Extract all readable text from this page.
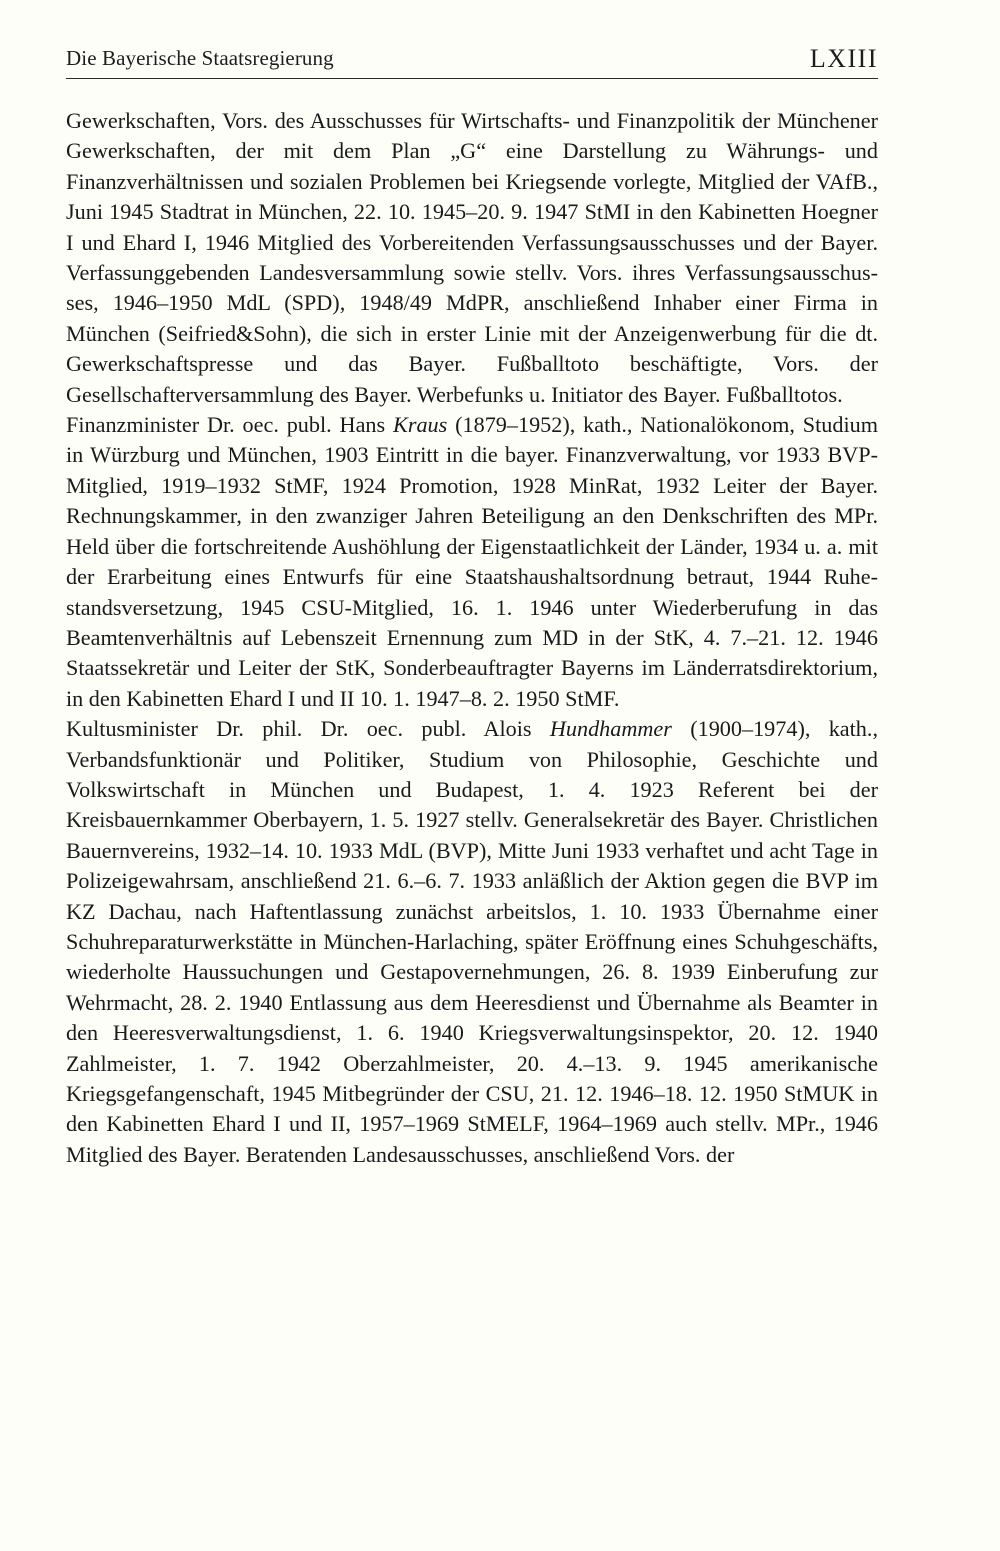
Die Bayerische Staatsregierung	LXIII

Gewerkschaften, Vors. des Ausschusses für Wirtschafts- und Finanzpolitik der Münchener Gewerkschaften, der mit dem Plan „G“ eine Darstellung zu Währungs- und Finanzverhältnissen und sozialen Problemen bei Kriegsende vorlegte, Mitglied der VAfB., Juni 1945 Stadtrat in München, 22. 10. 1945–20. 9. 1947 StMI in den Kabinetten Hoegner I und Ehard I, 1946 Mitglied des Vorbereitenden Verfassungsausschusses und der Bayer. Verfassunggebenden Landesversammlung sowie stellv. Vors. ihres Verfassungsausschusses, 1946–1950 MdL (SPD), 1948/49 MdPR, anschließend Inhaber einer Firma in München (Seifried&Sohn), die sich in erster Linie mit der Anzeigenwerbung für die dt. Gewerkschaftspresse und das Bayer. Fußballtoto beschäftigte, Vors. der Gesellschafterversammlung des Bayer. Werbefunks u. Initiator des Bayer. Fußballtotos.

Finanzminister Dr. oec. publ. Hans Kraus (1879–1952), kath., Nationalökonom, Studium in Würzburg und München, 1903 Eintritt in die bayer. Finanzverwaltung, vor 1933 BVP-Mitglied, 1919–1932 StMF, 1924 Promotion, 1928 MinRat, 1932 Leiter der Bayer. Rechnungskammer, in den zwanziger Jahren Beteiligung an den Denkschriften des MPr. Held über die fortschreitende Aushöhlung der Eigenstaatlichkeit der Länder, 1934 u. a. mit der Erarbeitung eines Entwurfs für eine Staatshaushaltsordnung betraut, 1944 Ruhestandsversetzung, 1945 CSU-Mitglied, 16. 1. 1946 unter Wiederberufung in das Beamtenverhältnis auf Lebenszeit Ernennung zum MD in der StK, 4. 7.–21. 12. 1946 Staatssekretär und Leiter der StK, Sonderbeauftragter Bayerns im Länderratsdirektorium, in den Kabinetten Ehard I und II 10. 1. 1947–8. 2. 1950 StMF.

Kultusminister Dr. phil. Dr. oec. publ. Alois Hundhammer (1900–1974), kath., Verbandsfunktionär und Politiker, Studium von Philosophie, Geschichte und Volkswirtschaft in München und Budapest, 1. 4. 1923 Referent bei der Kreisbauernkammer Oberbayern, 1. 5. 1927 stellv. Generalsekretär des Bayer. Christlichen Bauernvereins, 1932–14. 10. 1933 MdL (BVP), Mitte Juni 1933 verhaftet und acht Tage in Polizeigewahrsam, anschließend 21. 6.–6. 7. 1933 anläßlich der Aktion gegen die BVP im KZ Dachau, nach Haftentlassung zunächst arbeitslos, 1. 10. 1933 Übernahme einer Schuhreparaturwerkstätte in München-Harlaching, später Eröffnung eines Schuhgeschäfts, wiederholte Haussuchungen und Gestapovernehmungen, 26. 8. 1939 Einberufung zur Wehrmacht, 28. 2. 1940 Entlassung aus dem Heeresdienst und Übernahme als Beamter in den Heeresverwaltungsdienst, 1. 6. 1940 Kriegsverwaltungsinspektor, 20. 12. 1940 Zahlmeister, 1. 7. 1942 Oberzahlmeister, 20. 4.–13. 9. 1945 amerikanische Kriegsgefangenschaft, 1945 Mitbegründer der CSU, 21. 12. 1946–18. 12. 1950 StMUK in den Kabinetten Ehard I und II, 1957–1969 StMELF, 1964–1969 auch stellv. MPr., 1946 Mitglied des Bayer. Beratenden Landesausschusses, anschließend Vors. der
